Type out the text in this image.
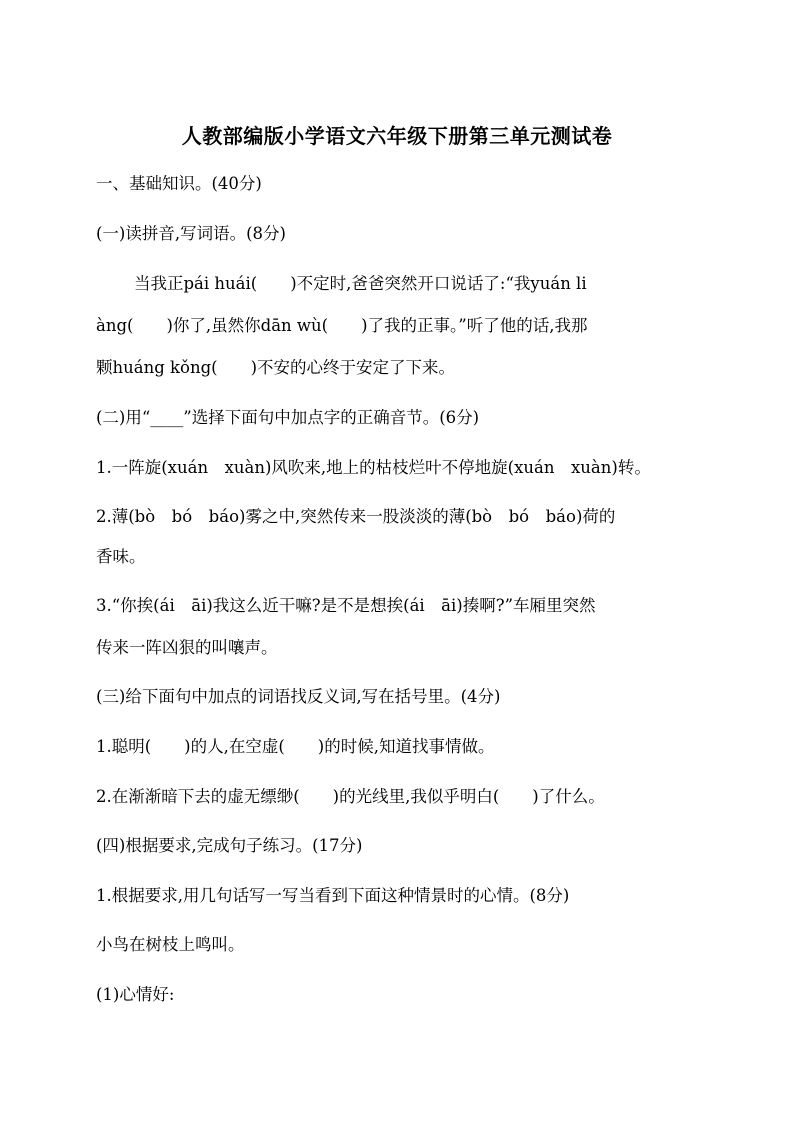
人教部编版小学语文六年级下册第三单元测试卷
一、基础知识。(40分)
(一)读拼音,写词语。(8分)
当我正pái huái(　　)不定时,爸爸突然开口说话了:“我yuán li
àng(　　)你了,虽然你dān wù(　　)了我的正事。”听了他的话,我那
颗huáng kǒng(　　)不安的心终于安定了下来。
(二)用“____”选择下面句中加点字的正确音节。(6分)
1.一阵旋(xuán　xuàn)风吹来,地上的枯枝烂叶不停地旋(xuán　xuàn)转。
2.薄(bò　bó　báo)雾之中,突然传来一股淡淡的薄(bò　bó　báo)荷的
香味。
3.“你挨(ái　āi)我这么近干嘛?是不是想挨(ái　āi)揍啊?”车厢里突然
传来一阵凶狠的叫嚷声。
(三)给下面句中加点的词语找反义词,写在括号里。(4分)
1.聪明(　　)的人,在空虚(　　)的时候,知道找事情做。
2.在渐渐暗下去的虚无缥缈(　　)的光线里,我似乎明白(　　)了什么。
(四)根据要求,完成句子练习。(17分)
1.根据要求,用几句话写一写当看到下面这种情景时的心情。(8分)
小鸟在树枝上鸣叫。
(1)心情好:
